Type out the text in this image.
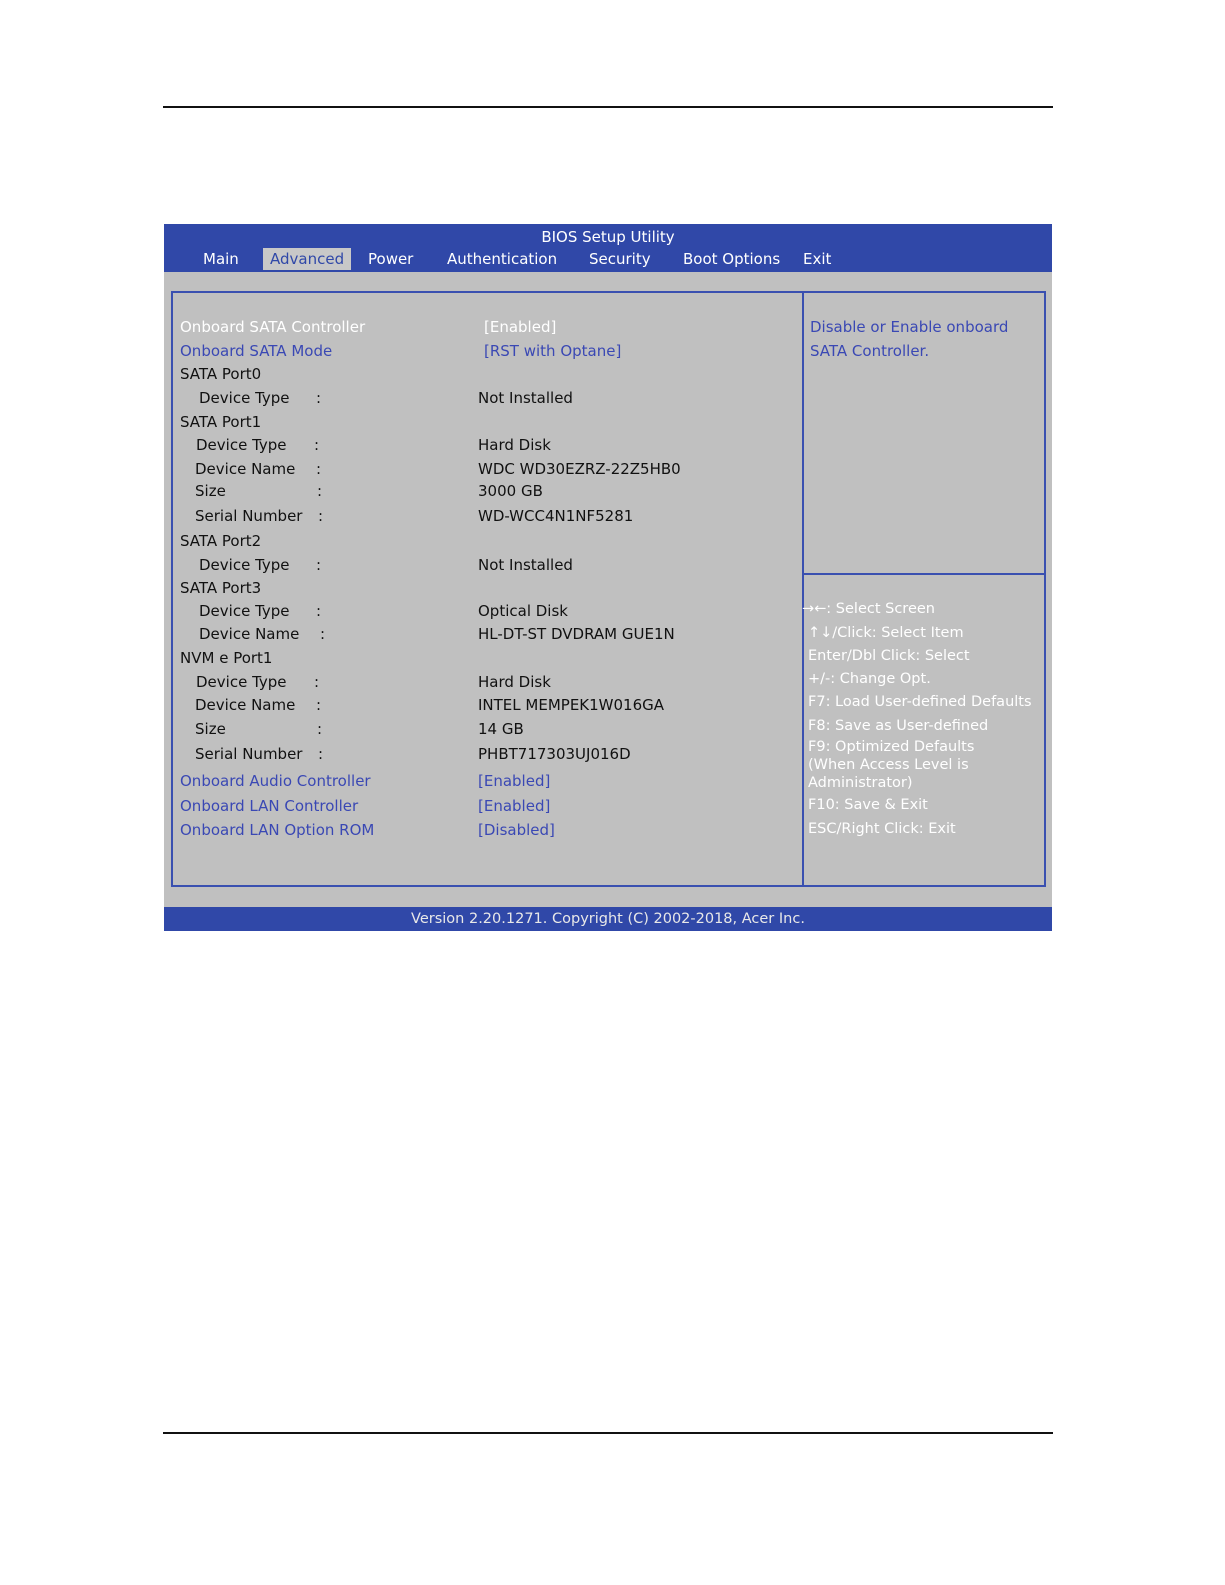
BIOS Setup Utility
Main	Advanced	Power	Authentication	Security	Boot Options	Exit
Onboard SATA Controller	[Enabled]
Onboard SATA Mode	[RST with Optane]
SATA Port0
Device Type :	Not Installed
SATA Port1
Device Type :	Hard Disk
Device Name :	WDC WD30EZRZ-22Z5HB0
Size	:	3000 GB
Serial Number :	WD-WCC4N1NF5281
SATA Port2
Device Type :	Not Installed
SATA Port3
Device Type :	Optical Disk
Device Name :	HL-DT-ST DVDRAM GUE1N
NVM e Port1
Device Type :	Hard Disk
Device Name :	INTEL MEMPEK1W016GA
Size	:	14 GB
Serial Number :	PHBT717303UJ016D
Onboard Audio Controller	[Enabled]
Onboard LAN Controller	[Enabled]
Onboard LAN Option ROM	[Disabled]
Disable or Enable onboard SATA Controller.
→←: Select Screen
↑↓/Click: Select Item
Enter/Dbl Click: Select
+/-: Change Opt.
F7: Load User-defined Defaults
F8: Save as User-defined
F9: Optimized Defaults
(When Access Level is
Administrator)
F10: Save & Exit
ESC/Right Click: Exit
Version 2.20.1271. Copyright (C) 2002-2018, Acer Inc.
